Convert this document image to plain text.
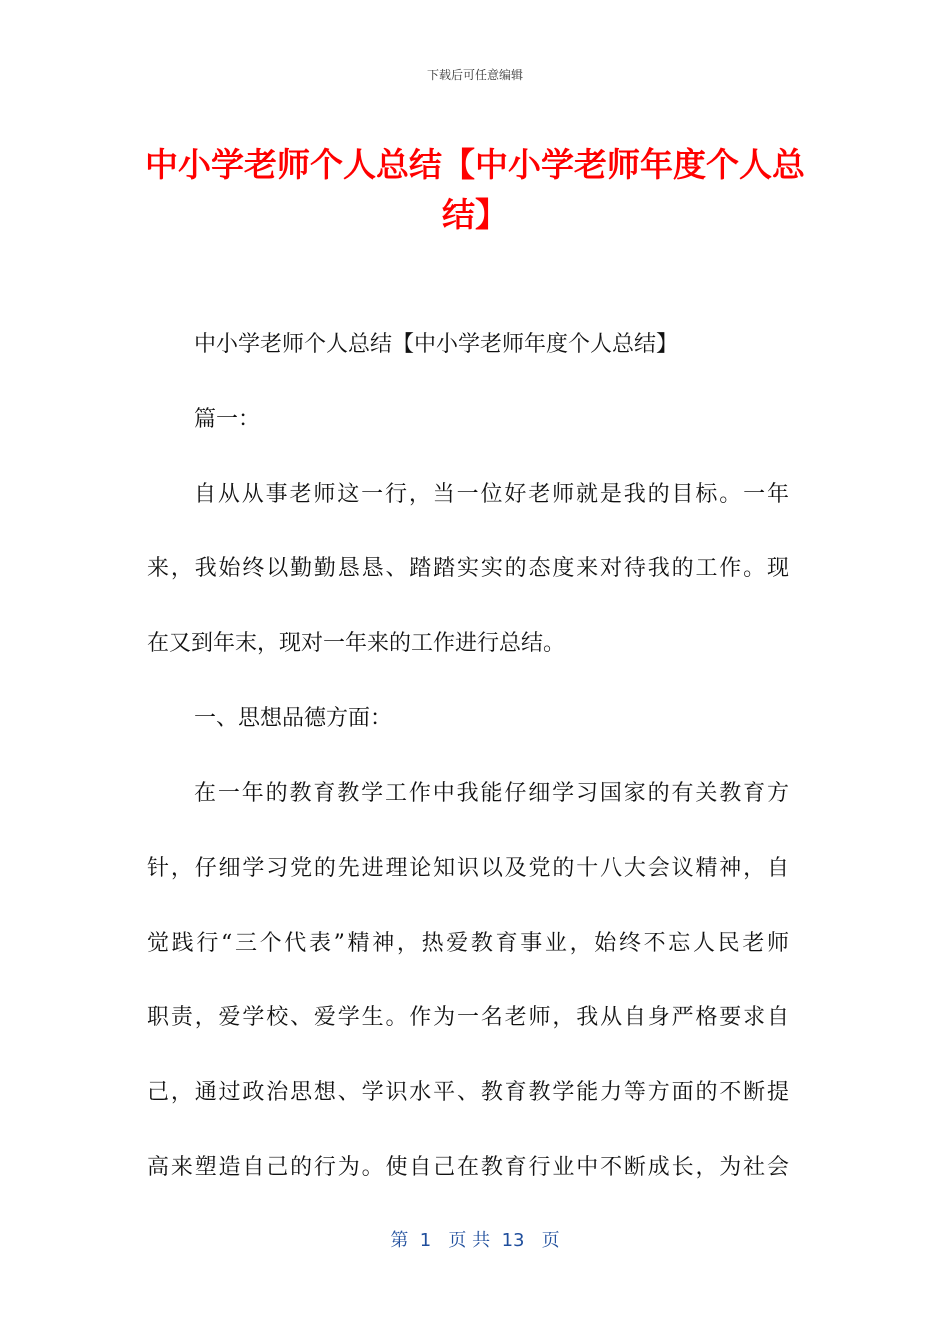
下载后可任意编辑
中小学老师个人总结【中小学老师年度个人总结】
中小学老师个人总结【中小学老师年度个人总结】
篇一：
自从从事老师这一行，当一位好老师就是我的目标。一年
来，我始终以勤勤恳恳、踏踏实实的态度来对待我的工作。现
在又到年末，现对一年来的工作进行总结。
一、思想品德方面：
在一年的教育教学工作中我能仔细学习国家的有关教育方
针，仔细学习党的先进理论知识以及党的十八大会议精神，自
觉践行“三个代表”精神，热爱教育事业，始终不忘人民老师
职责，爱学校、爱学生。作为一名老师，我从自身严格要求自
己，通过政治思想、学识水平、教育教学能力等方面的不断提
高来塑造自己的行为。使自己在教育行业中不断成长，为社会
第  1   页 共  13   页
